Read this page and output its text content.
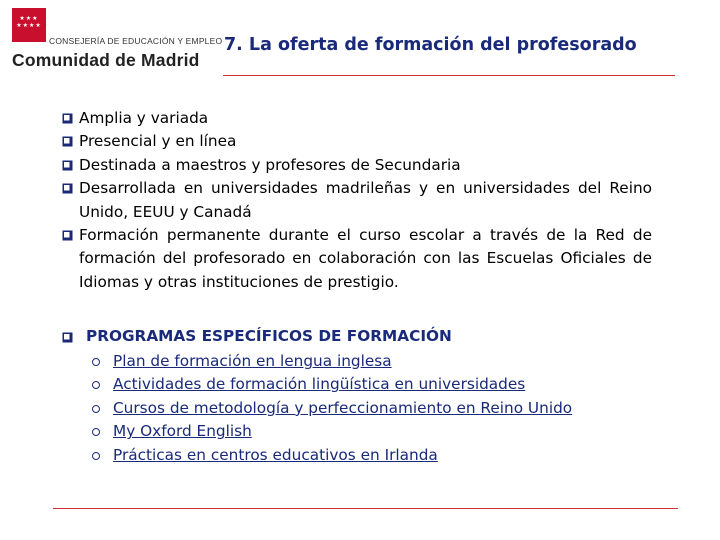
★★★
★★★★
CONSEJERÍA DE EDUCACIÓN Y EMPLEO
Comunidad de Madrid
7. La oferta de formación del profesorado
Amplia y variada
Presencial y en línea
Destinada a maestros y profesores de Secundaria
Desarrollada en universidades madrileñas y en universidades del Reino Unido, EEUU y Canadá
Formación permanente durante el curso escolar a través de la Red de formación del profesorado en colaboración con las Escuelas Oficiales de Idiomas y otras instituciones de prestigio.
PROGRAMAS ESPECÍFICOS DE FORMACIÓN
Plan de formación en lengua inglesa
Actividades de formación lingüística en universidades
Cursos de metodología y perfeccionamiento en Reino Unido
My Oxford English
Prácticas en centros educativos en Irlanda
